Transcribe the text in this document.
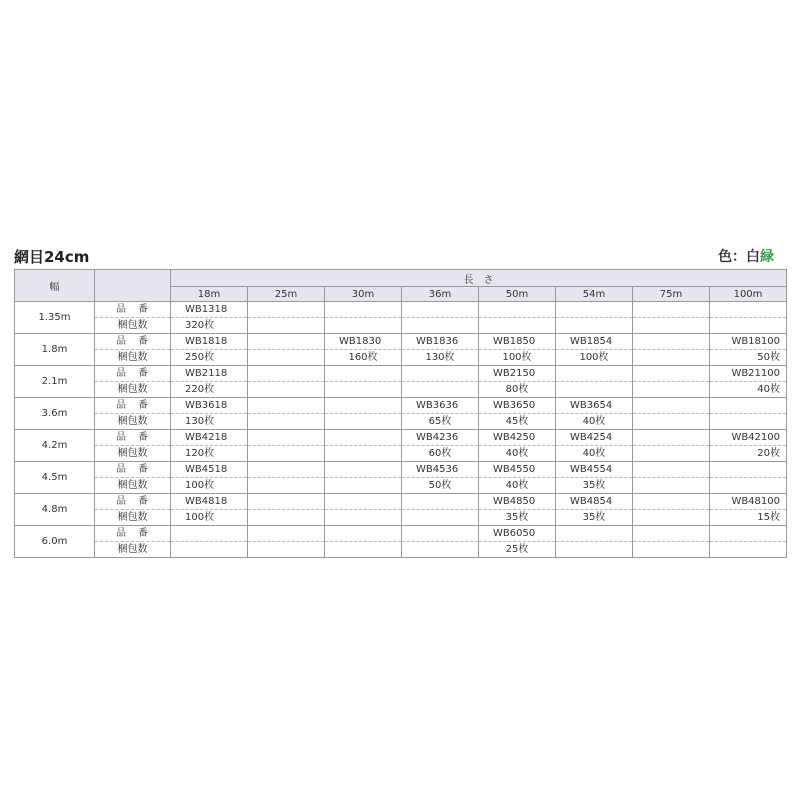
網目24cm	色：白緑
幅		長　さ							
		18m	25m	30m	36m	50m	54m	75m	100m
1.35m	品　番	WB1318							
	梱包数	320枚							
1.8m	品　番	WB1818		WB1830	WB1836	WB1850	WB1854		WB18100
	梱包数	250枚		160枚	130枚	100枚	100枚		50枚
2.1m	品　番	WB2118				WB2150			WB21100
	梱包数	220枚				80枚			40枚
3.6m	品　番	WB3618			WB3636	WB3650	WB3654		
	梱包数	130枚			65枚	45枚	40枚		
4.2m	品　番	WB4218			WB4236	WB4250	WB4254		WB42100
	梱包数	120枚			60枚	40枚	40枚		20枚
4.5m	品　番	WB4518			WB4536	WB4550	WB4554		
	梱包数	100枚			50枚	40枚	35枚		
4.8m	品　番	WB4818				WB4850	WB4854		WB48100
	梱包数	100枚				35枚	35枚		15枚
6.0m	品　番					WB6050			
	梱包数					25枚			
